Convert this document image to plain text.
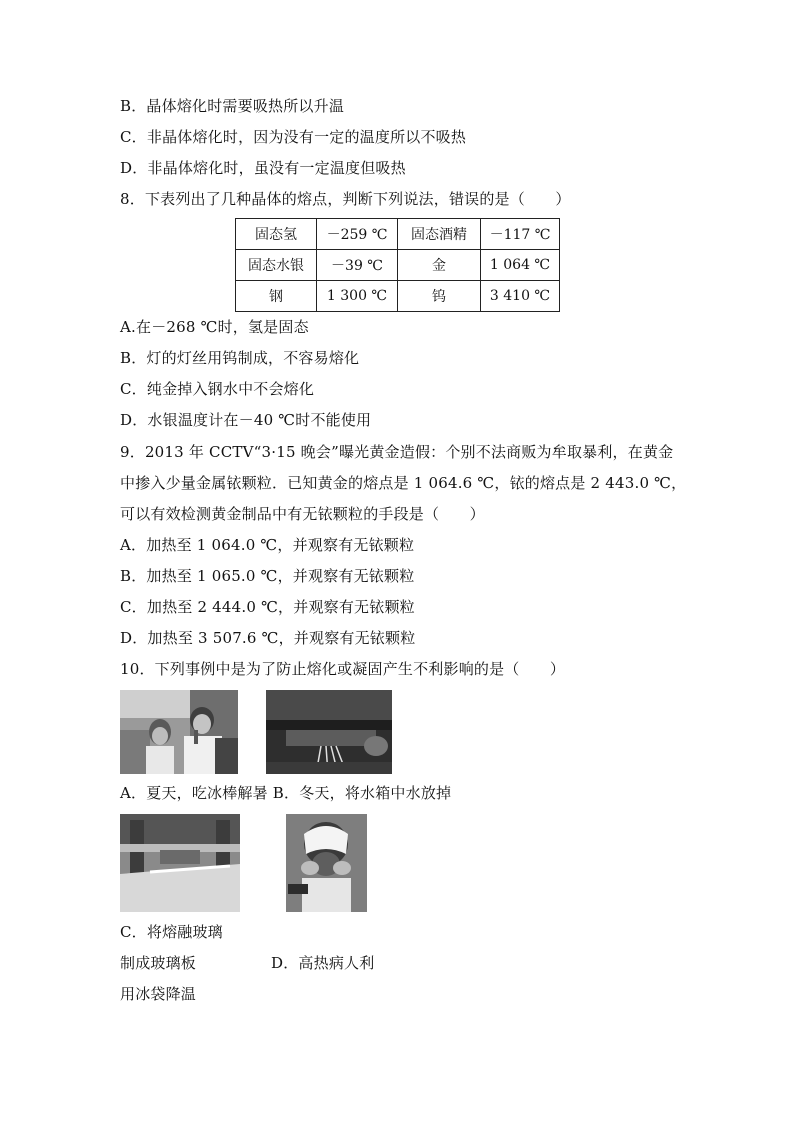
B．晶体熔化时需要吸热所以升温
C．非晶体熔化时，因为没有一定的温度所以不吸热
D．非晶体熔化时，虽没有一定温度但吸热
8．下表列出了几种晶体的熔点，判断下列说法，错误的是（　　）
固态氢	－259 ℃	固态酒精	－117 ℃
固态水银	－39 ℃	金	1 064 ℃
钢	1 300 ℃	钨	3 410 ℃
A.在－268 ℃时，氢是固态
B．灯的灯丝用钨制成，不容易熔化
C．纯金掉入钢水中不会熔化
D．水银温度计在－40 ℃时不能使用
9．2013 年 CCTV“3·15 晚会”曝光黄金造假：个别不法商贩为牟取暴利，在黄金
中掺入少量金属铱颗粒．已知黄金的熔点是 1 064.6 ℃，铱的熔点是 2 443.0 ℃，
可以有效检测黄金制品中有无铱颗粒的手段是（　　）
A．加热至 1 064.0 ℃，并观察有无铱颗粒
B．加热至 1 065.0 ℃，并观察有无铱颗粒
C．加热至 2 444.0 ℃，并观察有无铱颗粒
D．加热至 3 507.6 ℃，并观察有无铱颗粒
10．下列事例中是为了防止熔化或凝固产生不利影响的是（　　）
A．夏天，吃冰棒解暑 B．冬天，将水箱中水放掉
C．将熔融玻璃
制成玻璃板	D．高热病人利
用冰袋降温
